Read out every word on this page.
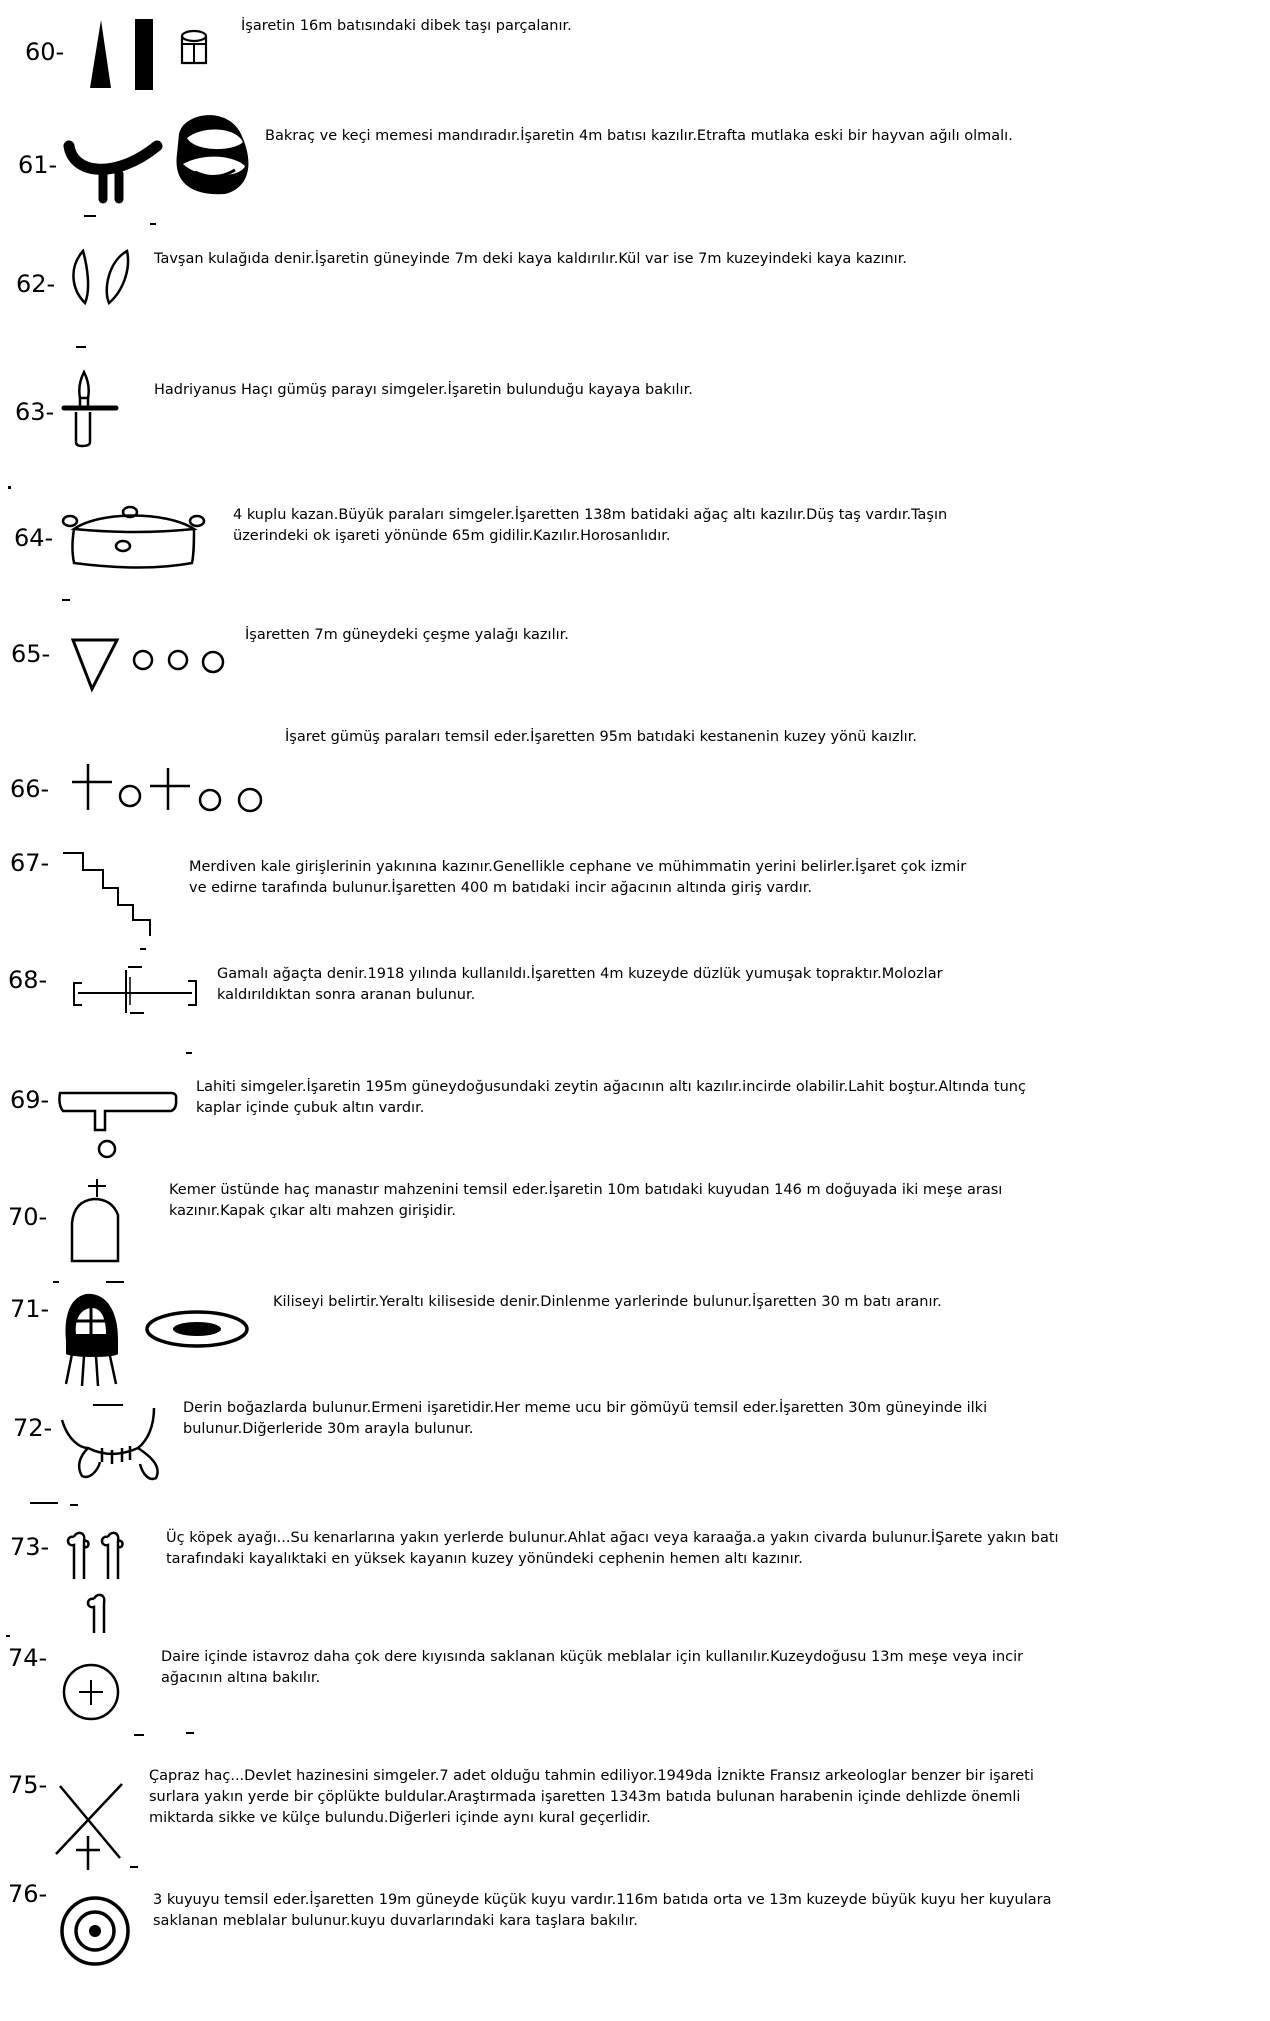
60-
İşaretin 16m batısındaki dibek taşı parçalanır.
61-
Bakraç ve keçi memesi mandıradır.İşaretin 4m batısı kazılır.Etrafta mutlaka eski bir hayvan ağılı olmalı.
62-
Tavşan kulağıda denir.İşaretin güneyinde 7m deki kaya kaldırılır.Kül var ise 7m kuzeyindeki kaya kazınır.
63-
Hadriyanus Haçı gümüş parayı simgeler.İşaretin bulunduğu kayaya bakılır.
64-
4 kuplu kazan.Büyük paraları simgeler.İşaretten 138m batidaki ağaç altı kazılır.Düş taş vardır.Taşın
üzerindeki ok işareti yönünde 65m gidilir.Kazılır.Horosanlıdır.
65-
İşaretten 7m güneydeki çeşme yalağı kazılır.
66-
İşaret gümüş paraları temsil eder.İşaretten 95m batıdaki kestanenin kuzey yönü kaızlır.
67-	Merdiven kale girişlerinin yakınına kazınır.Genellikle cephane ve mühimmatin yerini belirler.İşaret çok izmir
ve edirne tarafında bulunur.İşaretten 400 m batıdaki incir ağacının altında giriş vardır.
68-	Gamalı ağaçta denir.1918 yılında kullanıldı.İşaretten 4m kuzeyde düzlük yumuşak topraktır.Molozlar
kaldırıldıktan sonra aranan bulunur.
69-	Lahiti simgeler.İşaretin 195m güneydoğusundaki zeytin ağacının altı kazılır.incirde olabilir.Lahit boştur.Altında tunç
kaplar içinde çubuk altın vardır.
70-
Kemer üstünde haç manastır mahzenini temsil eder.İşaretin 10m batıdaki kuyudan 146 m doğuyada iki meşe arası
kazınır.Kapak çıkar altı mahzen girişidir.
71-	Kiliseyi belirtir.Yeraltı kiliseside denir.Dinlenme yarlerinde bulunur.İşaretten 30 m batı aranır.
72-
Derin boğazlarda bulunur.Ermeni işaretidir.Her meme ucu bir gömüyü temsil eder.İşaretten 30m güneyinde ilki
bulunur.Diğerleride 30m arayla bulunur.
73-	Üç köpek ayağı...Su kenarlarına yakın yerlerde bulunur.Ahlat ağacı veya karaağa.a yakın civarda bulunur.İŞarete yakın batı
tarafındaki kayalıktaki en yüksek kayanın kuzey yönündeki cephenin hemen altı kazınır.
74-	Daire içinde istavroz daha çok dere kıyısında saklanan küçük meblalar için kullanılır.Kuzeydoğusu 13m meşe veya incir
ağacının altına bakılır.
75-	Çapraz haç...Devlet hazinesini simgeler.7 adet olduğu tahmin ediliyor.1949da İznikte Fransız arkeologlar benzer bir işareti
surlara yakın yerde bir çöplükte buldular.Araştırmada işaretten 1343m batıda bulunan harabenin içinde dehlizde önemli
miktarda sikke ve külçe bulundu.Diğerleri içinde aynı kural geçerlidir.
76-	3 kuyuyu temsil eder.İşaretten 19m güneyde küçük kuyu vardır.116m batıda orta ve 13m kuzeyde büyük kuyu her kuyulara
saklanan meblalar bulunur.kuyu duvarlarındaki kara taşlara bakılır.
